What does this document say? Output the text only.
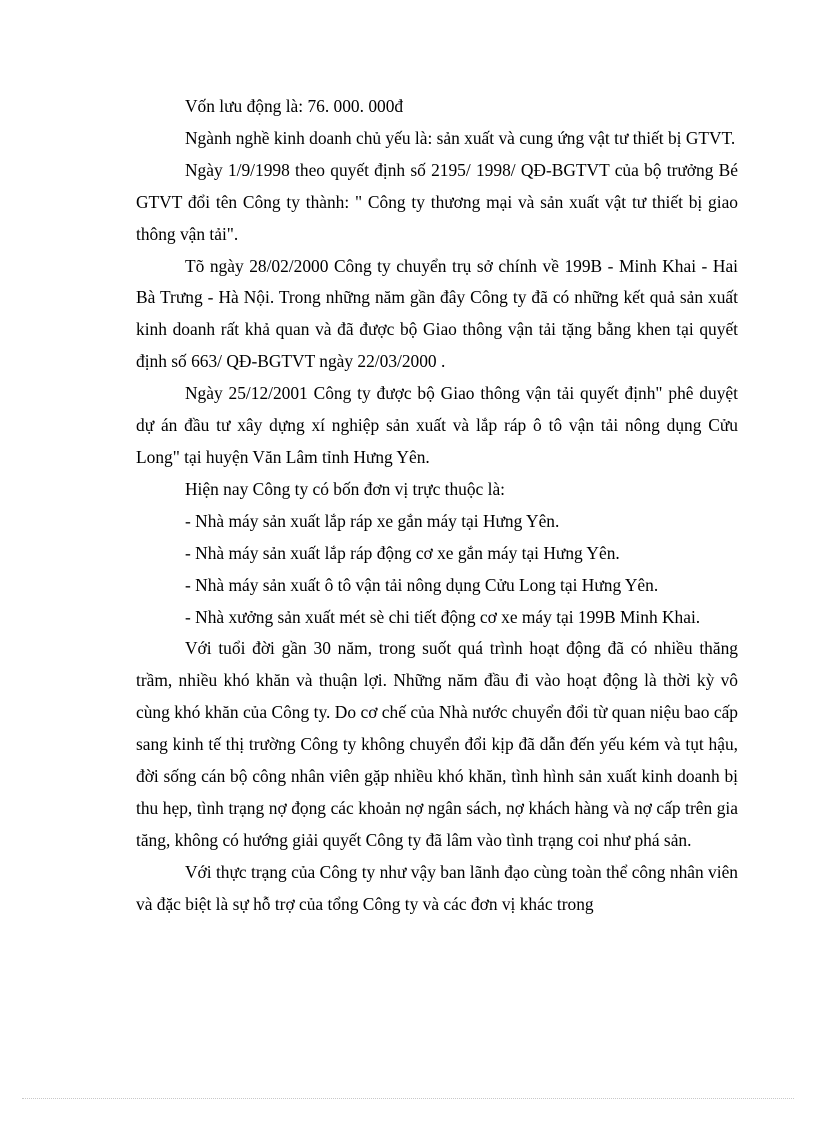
Vốn lưu động là: 76. 000. 000đ

Ngành nghề kinh doanh chủ yếu là: sản xuất và cung ứng vật tư thiết bị GTVT.

Ngày 1/9/1998 theo quyết định số 2195/ 1998/ QĐ-BGTVT của bộ trưởng Bé GTVT đổi tên Công ty thành: " Công ty thương mại và sản xuất vật tư thiết bị giao thông vận tải".

Tõ ngày 28/02/2000 Công ty chuyển trụ sở chính về 199B - Minh Khai - Hai Bà Trưng - Hà Nội. Trong những năm gần đây Công ty đã có những kết quả sản xuất kinh doanh rất khả quan và đã được bộ Giao thông vận tải tặng bằng khen tại quyết định số 663/ QĐ-BGTVT ngày 22/03/2000 .

Ngày 25/12/2001 Công ty được bộ Giao thông vận tải quyết định" phê duyệt dự án đầu tư xây dựng xí nghiệp sản xuất và lắp ráp ô tô vận tải nông dụng Cửu Long" tại huyện Văn Lâm tỉnh Hưng Yên.

Hiện nay Công ty có bốn đơn vị trực thuộc là:

- Nhà máy sản xuất lắp ráp xe gắn máy tại Hưng Yên.

- Nhà máy sản xuất lắp ráp động cơ xe gắn máy tại Hưng Yên.

- Nhà máy sản xuất ô tô vận tải nông dụng Cửu Long tại Hưng Yên.

- Nhà xưởng sản xuất mét sè chi tiết động cơ xe máy tại 199B Minh Khai.

Với tuổi đời gần 30 năm, trong suốt quá trình hoạt động đã có nhiều thăng trầm, nhiều khó khăn và thuận lợi. Những năm đầu đi vào hoạt động là thời kỳ vô cùng khó khăn của Công ty. Do cơ chế của Nhà nước chuyển đổi từ quan niệu bao cấp sang kinh tế thị trường Công ty không chuyển đổi kịp đã dẫn đến yếu kém và tụt hậu, đời sống cán bộ công nhân viên gặp nhiều khó khăn, tình hình sản xuất kinh doanh bị thu hẹp, tình trạng nợ đọng các khoản nợ ngân sách, nợ khách hàng và nợ cấp trên gia tăng, không có hướng giải quyết Công ty đã lâm vào tình trạng coi như phá sản.

Với thực trạng của Công ty như vậy ban lãnh đạo cùng toàn thể công nhân viên và đặc biệt là sự hỗ trợ của tổng Công ty và các đơn vị khác trong
